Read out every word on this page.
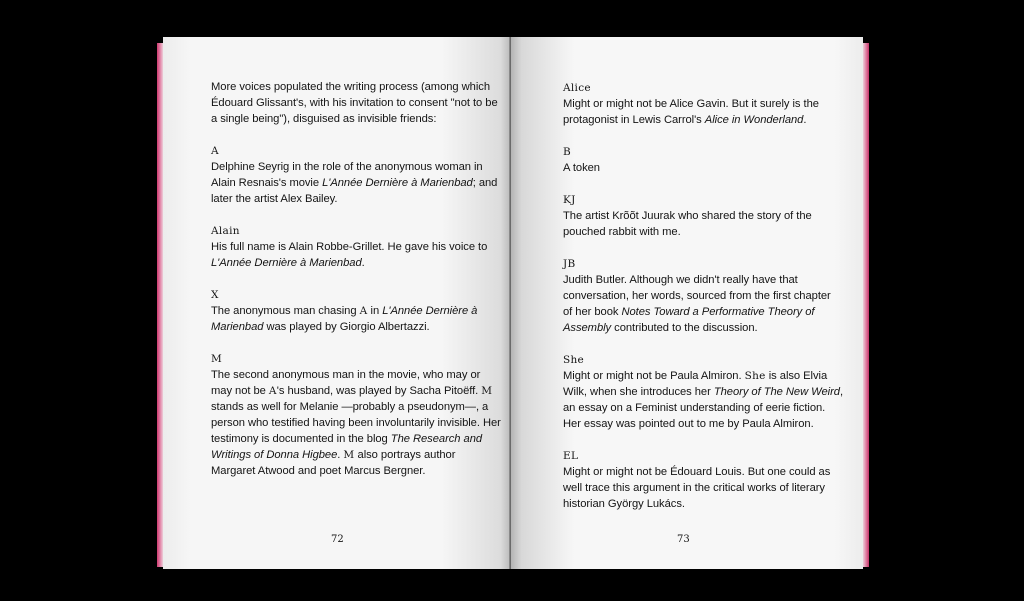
More voices populated the writing process (among which Édouard Glissant's, with his invitation to consent "not to be a single being"), disguised as invisible friends:

A

Delphine Seyrig in the role of the anonymous woman in Alain Resnais's movie L'Année Dernière à Marienbad; and later the artist Alex Bailey.

Alain

His full name is Alain Robbe-Grillet. He gave his voice to L'Année Dernière à Marienbad.

X

The anonymous man chasing A in L'Année Dernière à Marienbad was played by Giorgio Albertazzi.

M

The second anonymous man in the movie, who may or may not be A's husband, was played by Sacha Pitoëff. M stands as well for Melanie —probably a pseudonym—, a person who testified having been involuntarily invisible. Her testimony is documented in the blog The Research and Writings of Donna Higbee. M also portrays author Margaret Atwood and poet Marcus Bergner.

72

Alice

Might or might not be Alice Gavin. But it surely is the protagonist in Lewis Carrol's Alice in Wonderland.

B

A token

KJ

The artist Krõõt Juurak who shared the story of the pouched rabbit with me.

JB

Judith Butler. Although we didn't really have that conversation, her words, sourced from the first chapter of her book Notes Toward a Performative Theory of Assembly contributed to the discussion.

She

Might or might not be Paula Almiron. She is also Elvia Wilk, when she introduces her Theory of The New Weird, an essay on a Feminist understanding of eerie fiction. Her essay was pointed out to me by Paula Almiron.

EL

Might or might not be Édouard Louis. But one could as well trace this argument in the critical works of literary historian György Lukács.

73
